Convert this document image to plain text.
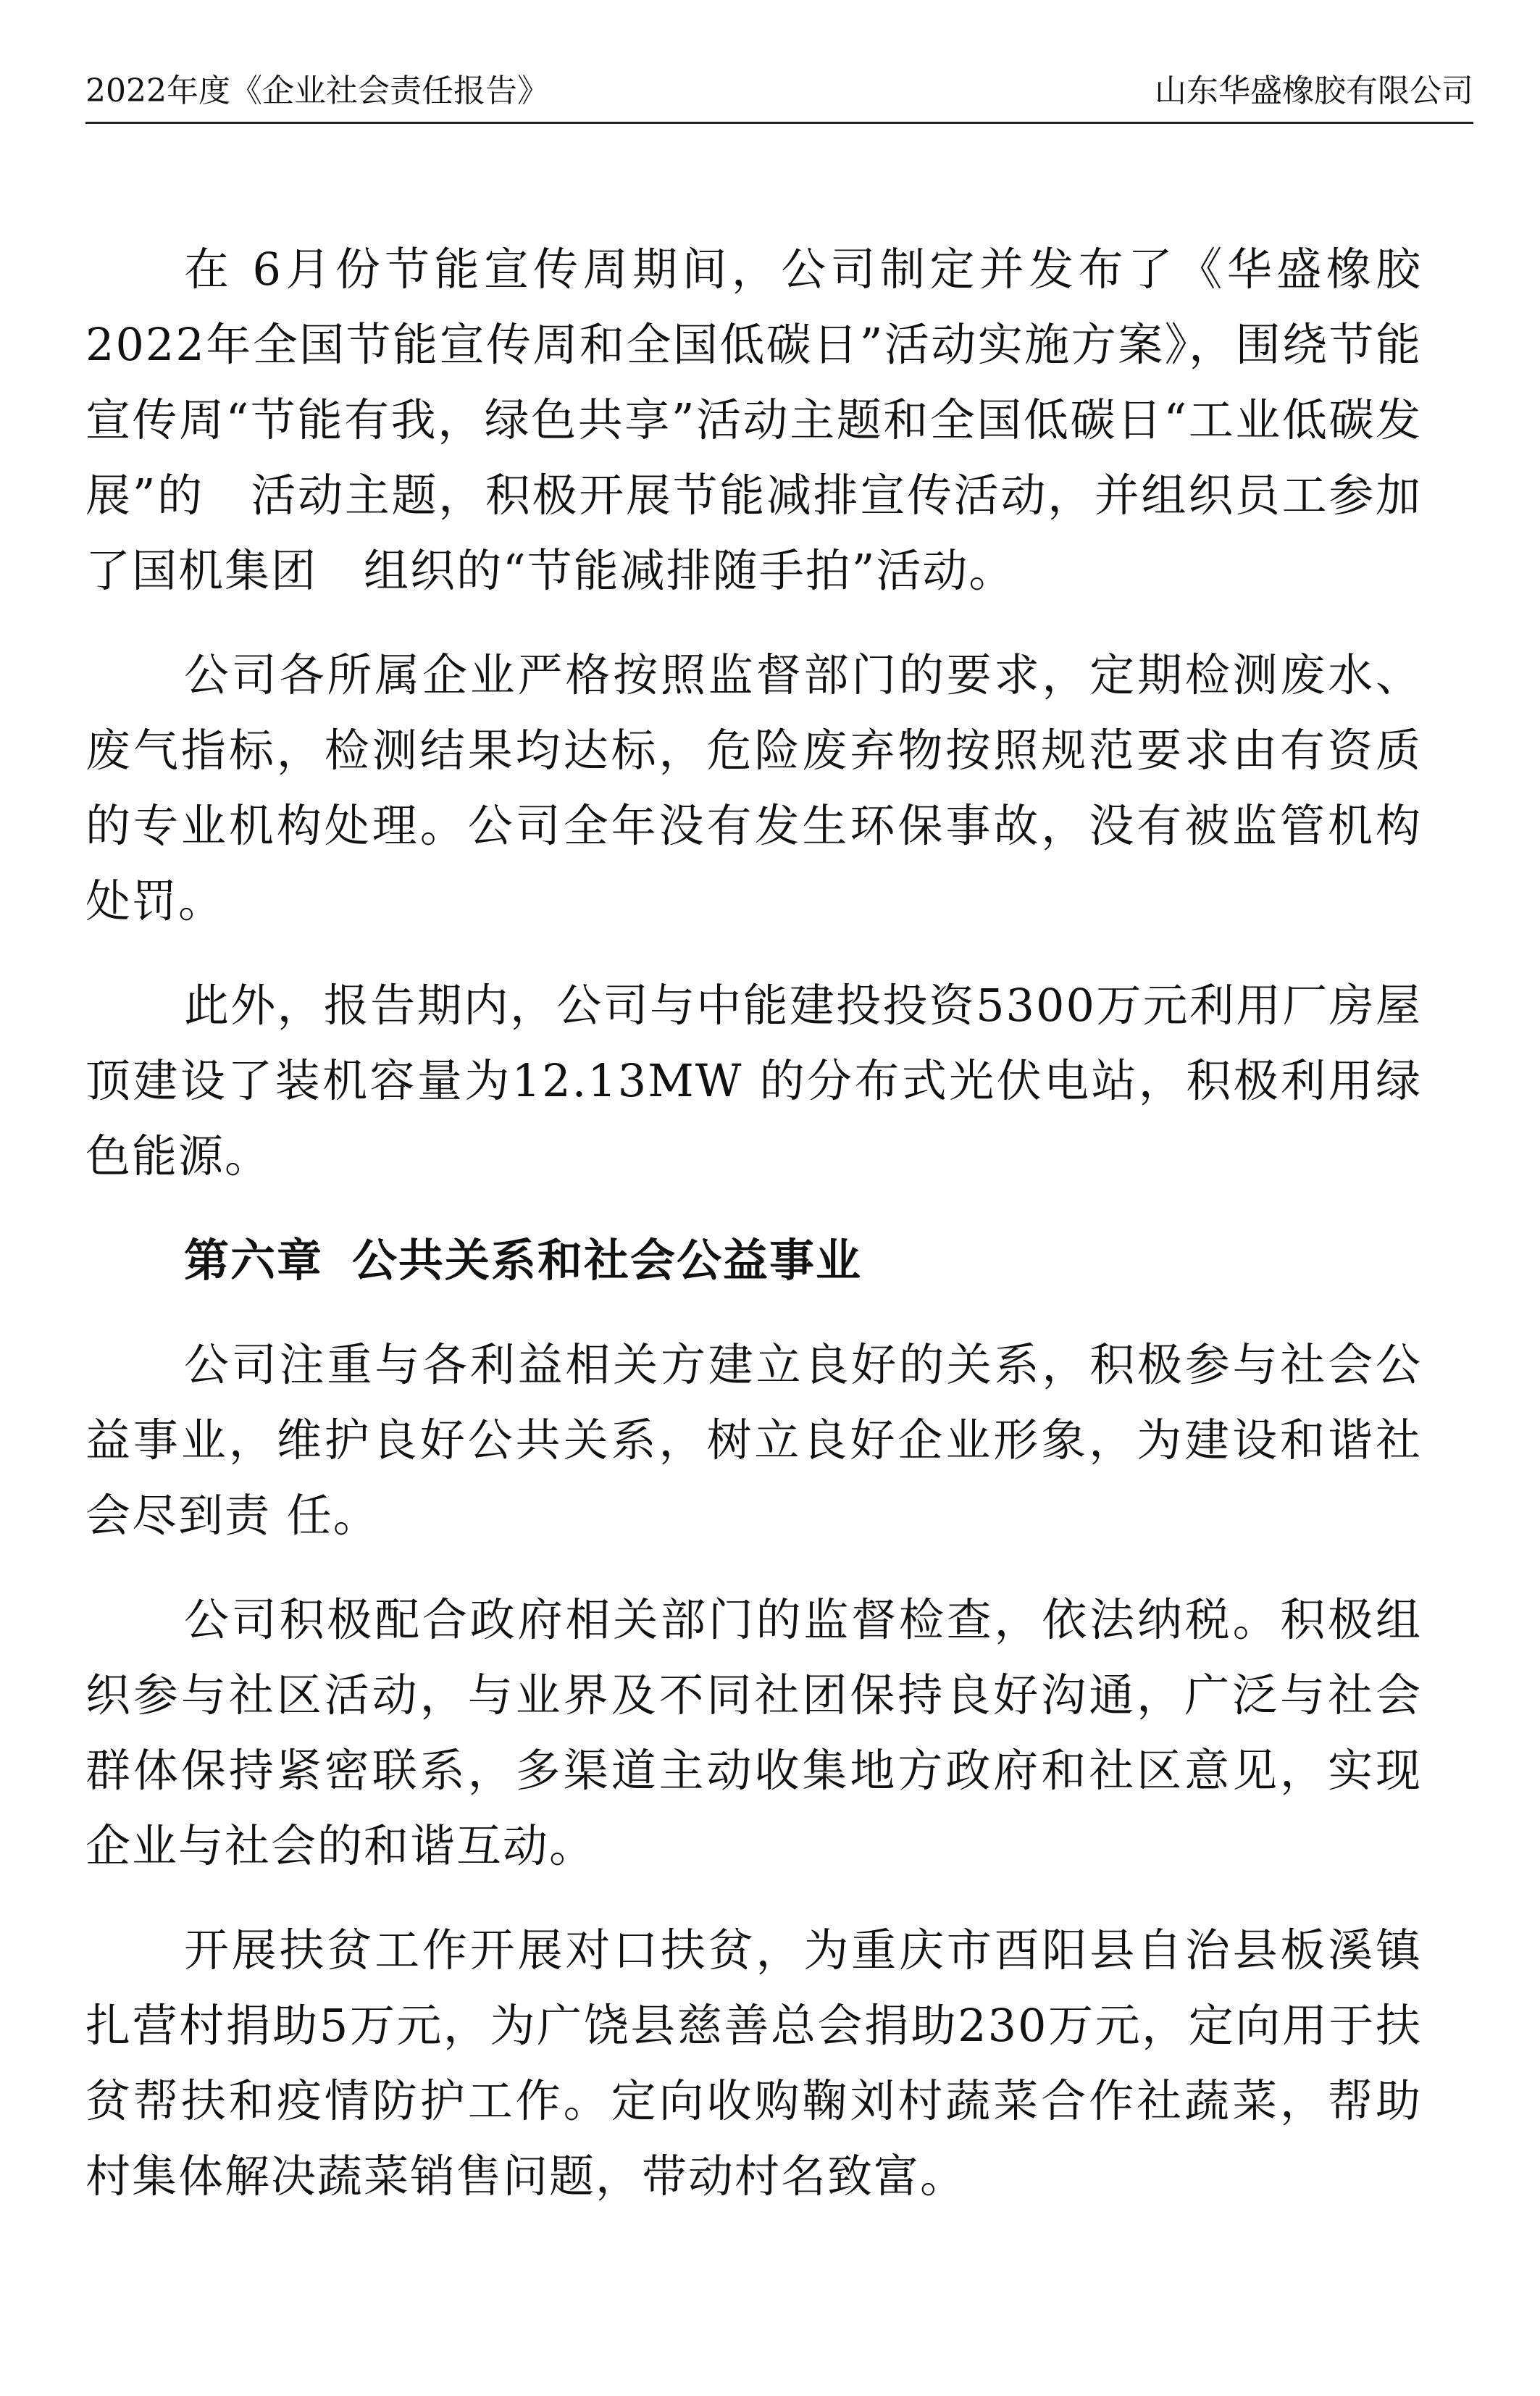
2022年度《企业社会责任报告》	山东华盛橡胶有限公司

在 6月份节能宣传周期间，公司制定并发布了《华盛橡胶2022年全国节能宣传周和全国低碳日”活动实施方案》，围绕节能宣传周“节能有我，绿色共享”活动主题和全国低碳日“工业低碳发展”的　活动主题，积极开展节能减排宣传活动，并组织员工参加了国机集团　组织的“节能减排随手拍”活动。

公司各所属企业严格按照监督部门的要求，定期检测废水、废气指标，检测结果均达标，危险废弃物按照规范要求由有资质的专业机构处理。公司全年没有发生环保事故，没有被监管机构处罚。

此外，报告期内，公司与中能建投投资5300万元利用厂房屋顶建设了装机容量为12.13MW 的分布式光伏电站，积极利用绿色能源。

第六章 公共关系和社会公益事业

公司注重与各利益相关方建立良好的关系，积极参与社会公益事业，维护良好公共关系，树立良好企业形象，为建设和谐社会尽到责 任。

公司积极配合政府相关部门的监督检查，依法纳税。积极组织参与社区活动，与业界及不同社团保持良好沟通，广泛与社会群体保持紧密联系，多渠道主动收集地方政府和社区意见，实现企业与社会的和谐互动。

开展扶贫工作开展对口扶贫，为重庆市酉阳县自治县板溪镇扎营村捐助5万元，为广饶县慈善总会捐助230万元，定向用于扶贫帮扶和疫情防护工作。定向收购鞠刘村蔬菜合作社蔬菜，帮助村集体解决蔬菜销售问题，带动村名致富。
